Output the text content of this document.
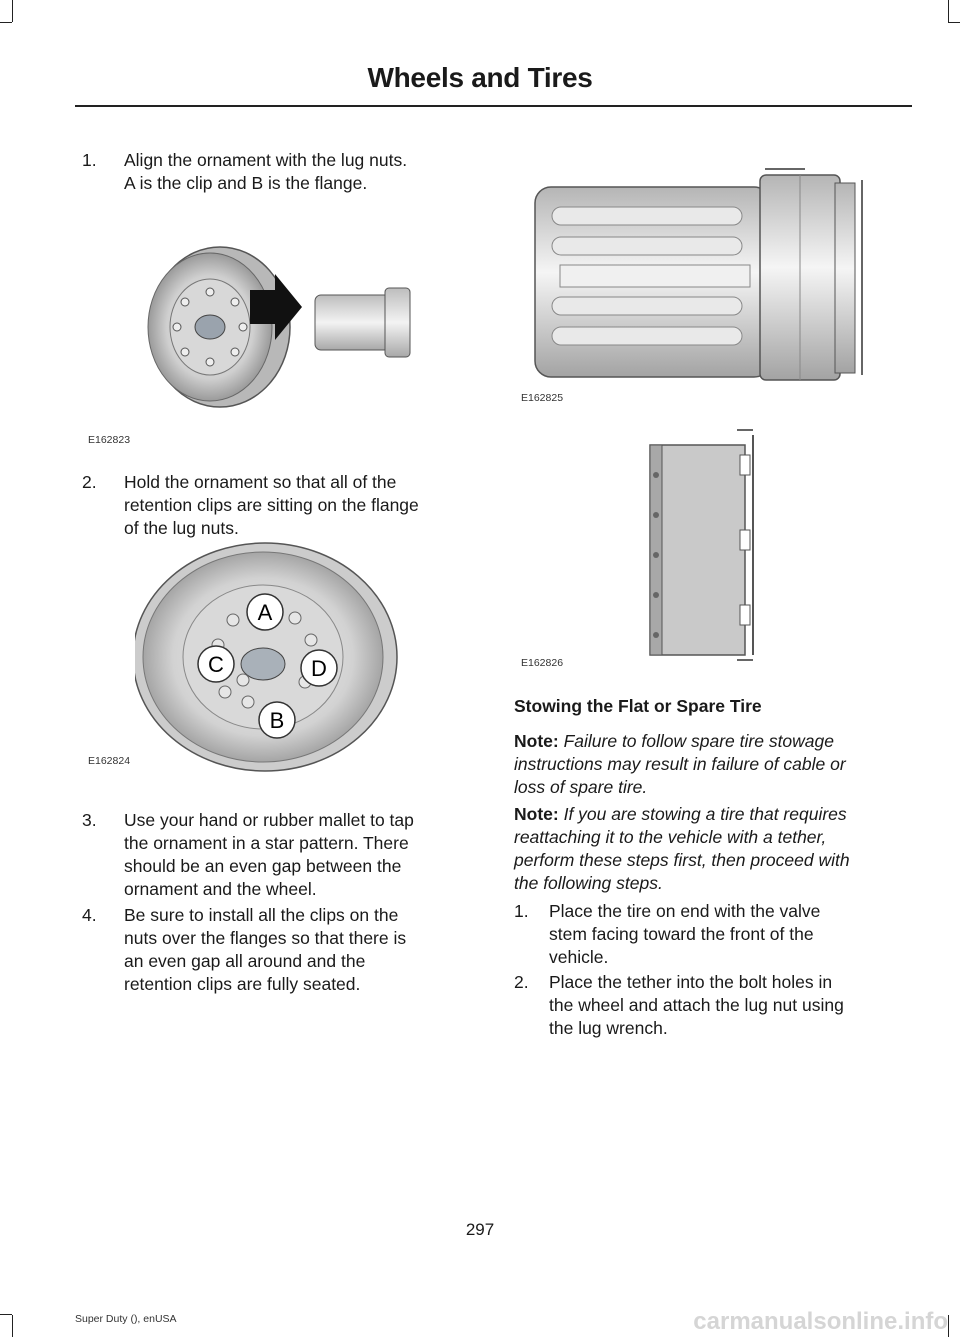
Wheels and Tires
1. Align the ornament with the lug nuts.
A is the clip and B is the flange.
E162823
2. Hold the ornament so that all of the
retention clips are sitting on the flange
of the lug nuts.
A
C	D
B
E162824
3. Use your hand or rubber mallet to tap
the ornament in a star pattern. There
should be an even gap between the
ornament and the wheel.
4. Be sure to install all the clips on the
nuts over the flanges so that there is
an even gap all around and the
retention clips are fully seated.
E162825
E162826
Stowing the Flat or Spare Tire
Note: Failure to follow spare tire stowage
instructions may result in failure of cable or
loss of spare tire.
Note: If you are stowing a tire that requires
reattaching it to the vehicle with a tether,
perform these steps first, then proceed with
the following steps.
1. Place the tire on end with the valve
stem facing toward the front of the
vehicle.
2. Place the tether into the bolt holes in
the wheel and attach the lug nut using
the lug wrench.
297
Super Duty (), enUSA	carmanualsonline.info
